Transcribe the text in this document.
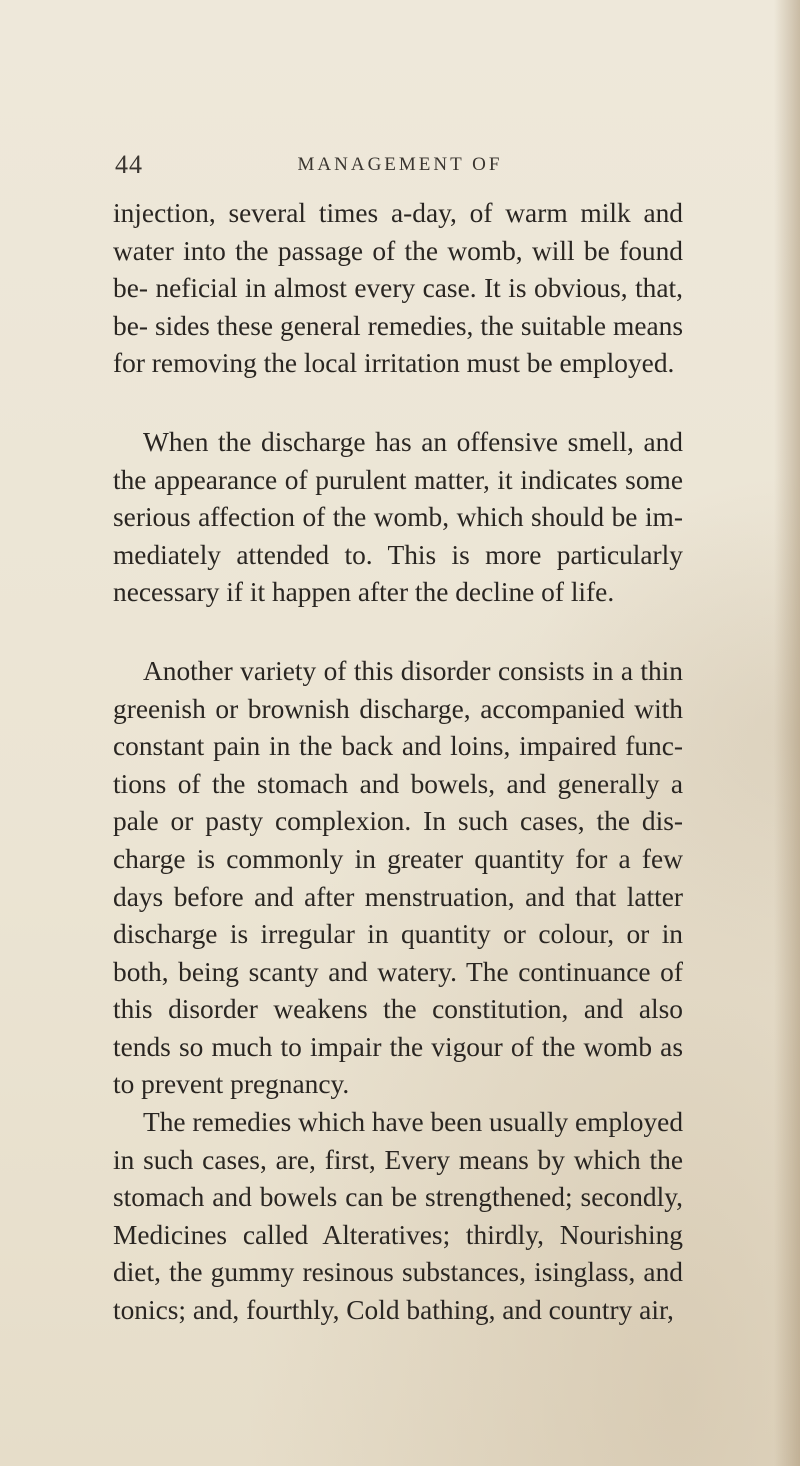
44	MANAGEMENT OF

injection, several times a-day, of warm milk and water into the passage of the womb, will be found be- neficial in almost every case. It is obvious, that, be- sides these general remedies, the suitable means for removing the local irritation must be employed.

When the discharge has an offensive smell, and the appearance of purulent matter, it indicates some serious affection of the womb, which should be im- mediately attended to. This is more particularly necessary if it happen after the decline of life.

Another variety of this disorder consists in a thin greenish or brownish discharge, accompanied with constant pain in the back and loins, impaired func- tions of the stomach and bowels, and generally a pale or pasty complexion. In such cases, the dis- charge is commonly in greater quantity for a few days before and after menstruation, and that latter discharge is irregular in quantity or colour, or in both, being scanty and watery. The continuance of this disorder weakens the constitution, and also tends so much to impair the vigour of the womb as to prevent pregnancy.

The remedies which have been usually employed in such cases, are, first, Every means by which the stomach and bowels can be strengthened; secondly, Medicines called Alteratives; thirdly, Nourishing diet, the gummy resinous substances, isinglass, and tonics; and, fourthly, Cold bathing, and country air,
